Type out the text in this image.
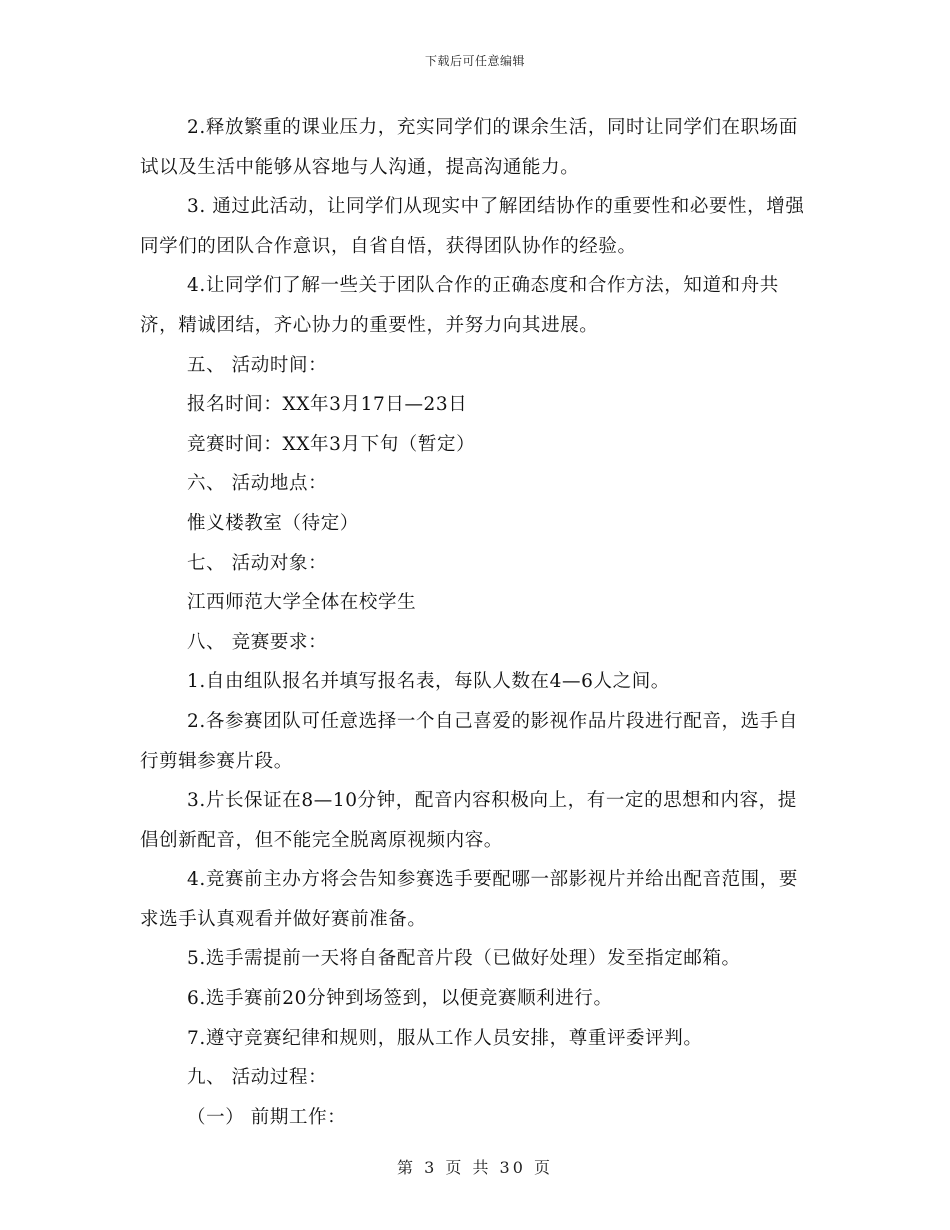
下载后可任意编辑

2.释放繁重的课业压力，充实同学们的课余生活，同时让同学们在职场面试以及生活中能够从容地与人沟通，提高沟通能力。

3. 通过此活动，让同学们从现实中了解团结协作的重要性和必要性，增强同学们的团队合作意识，自省自悟，获得团队协作的经验。

4.让同学们了解一些关于团队合作的正确态度和合作方法，知道和舟共济，精诚团结，齐心协力的重要性，并努力向其进展。

五、 活动时间：

报名时间：XX年3月17日—23日

竞赛时间：XX年3月下旬（暂定）

六、 活动地点：

惟义楼教室（待定）

七、 活动对象：

江西师范大学全体在校学生

八、 竞赛要求：

1.自由组队报名并填写报名表，每队人数在4—6人之间。

2.各参赛团队可任意选择一个自己喜爱的影视作品片段进行配音，选手自行剪辑参赛片段。

3.片长保证在8—10分钟，配音内容积极向上，有一定的思想和内容，提倡创新配音，但不能完全脱离原视频内容。

4.竞赛前主办方将会告知参赛选手要配哪一部影视片并给出配音范围，要求选手认真观看并做好赛前准备。

5.选手需提前一天将自备配音片段（已做好处理）发至指定邮箱。

6.选手赛前20分钟到场签到，以便竞赛顺利进行。

7.遵守竞赛纪律和规则，服从工作人员安排，尊重评委评判。

九、 活动过程：

（一） 前期工作：

第 3 页 共 30 页
